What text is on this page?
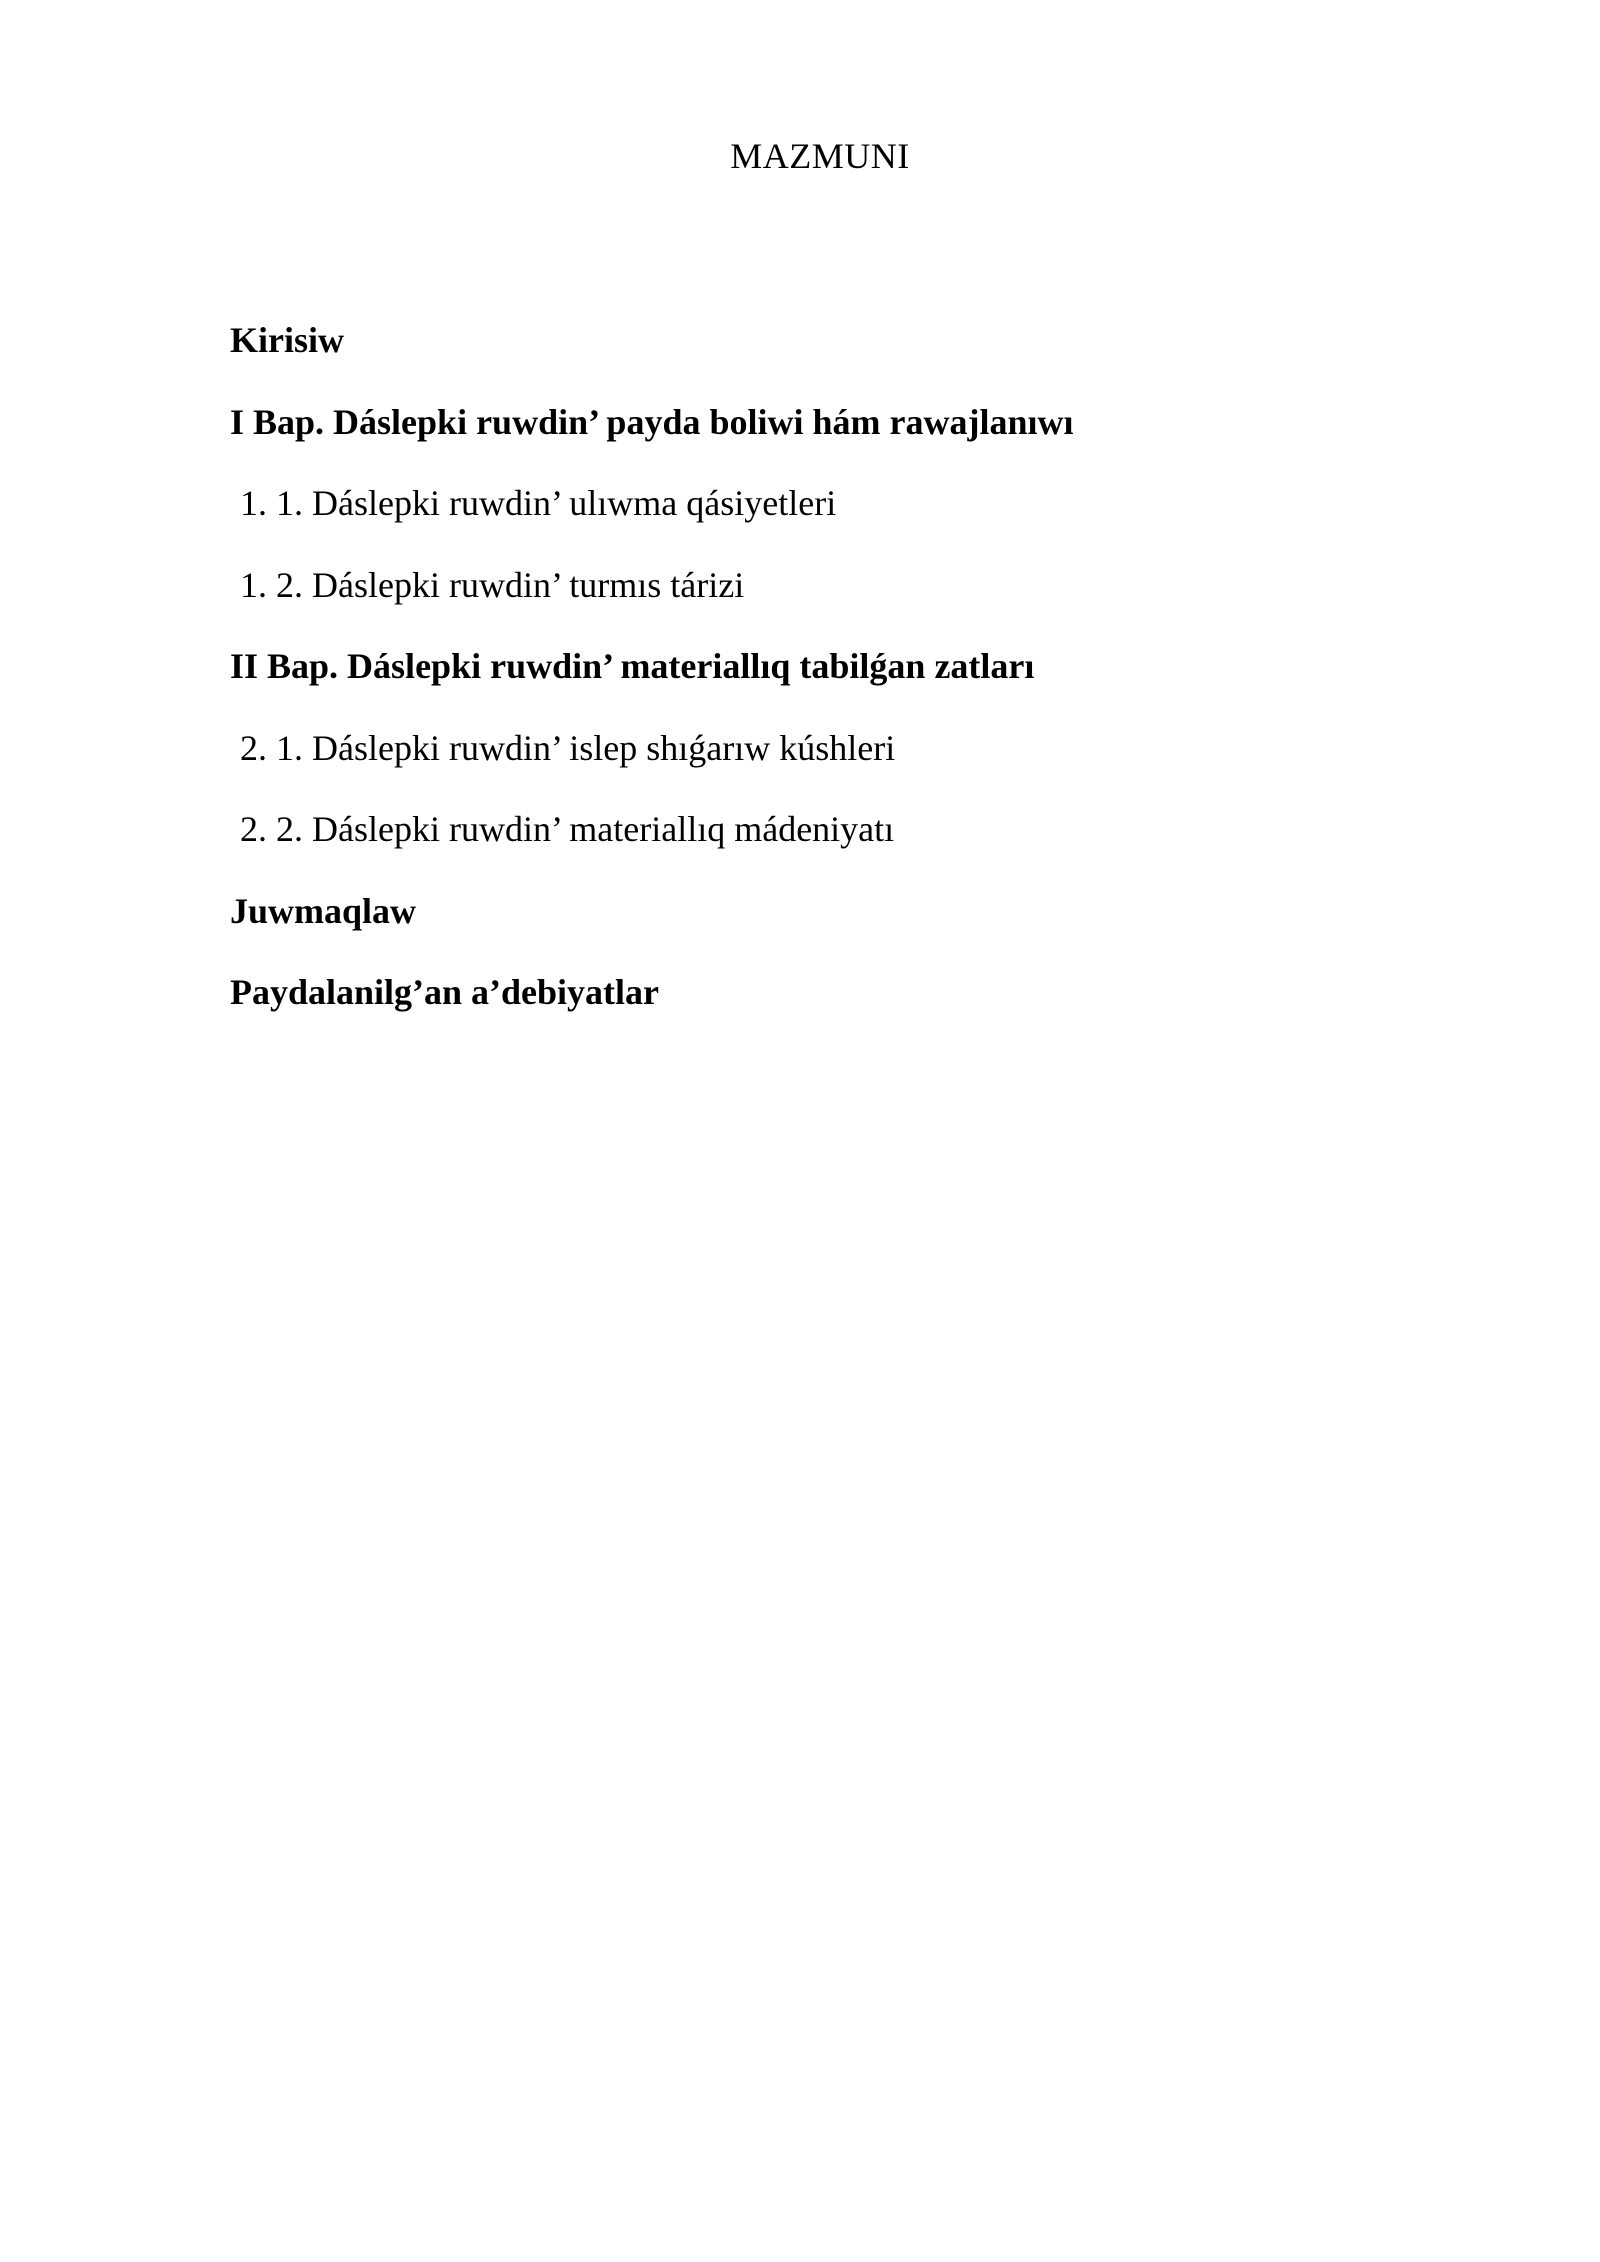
MAZMUNI
Kirisiw
I Bap. Dáslepki ruwdin’ payda boliwi hám rawajlanıwı
1. 1. Dáslepki ruwdin’ ulıwma qásiyetleri
1. 2. Dáslepki ruwdin’ turmıs tárizi
II Bap. Dáslepki ruwdin’ materiallıq tabilǵan zatları
2. 1. Dáslepki ruwdin’ islep shıǵarıw kúshleri
2. 2. Dáslepki ruwdin’ materiallıq mádeniyatı
Juwmaqlaw
Paydalanilg’an a’debiyatlar
